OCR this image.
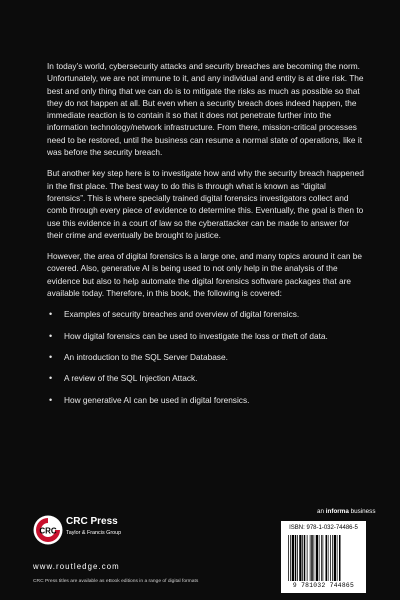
In today’s world, cybersecurity attacks and security breaches are becoming the norm. Unfortunately, we are not immune to it, and any individual and entity is at dire risk. The best and only thing that we can do is to mitigate the risks as much as possible so that they do not happen at all. But even when a security breach does indeed happen, the immediate reaction is to contain it so that it does not penetrate further into the information technology/network infrastructure. From there, mission-critical processes need to be restored, until the business can resume a normal state of operations, like it was before the security breach.

But another key step here is to investigate how and why the security breach happened in the first place. The best way to do this is through what is known as “digital forensics”. This is where specially trained digital forensics investigators collect and comb through every piece of evidence to determine this. Eventually, the goal is then to use this evidence in a court of law so the cyberattacker can be made to answer for their crime and eventually be brought to justice.

However, the area of digital forensics is a large one, and many topics around it can be covered. Also, generative AI is being used to not only help in the analysis of the evidence but also to help automate the digital forensics software packages that are available today. Therefore, in this book, the following is covered:

• Examples of security breaches and overview of digital forensics.
• How digital forensics can be used to investigate the loss or theft of data.
• An introduction to the SQL Server Database.
• A review of the SQL Injection Attack.
• How generative AI can be used in digital forensics.
an informa business
ISBN: 978-1-032-74486-5
9 781032 744865
CRC
CRC Press
Taylor & Francis Group
www.routledge.com
CRC Press titles are available as eBook editions in a range of digital formats
